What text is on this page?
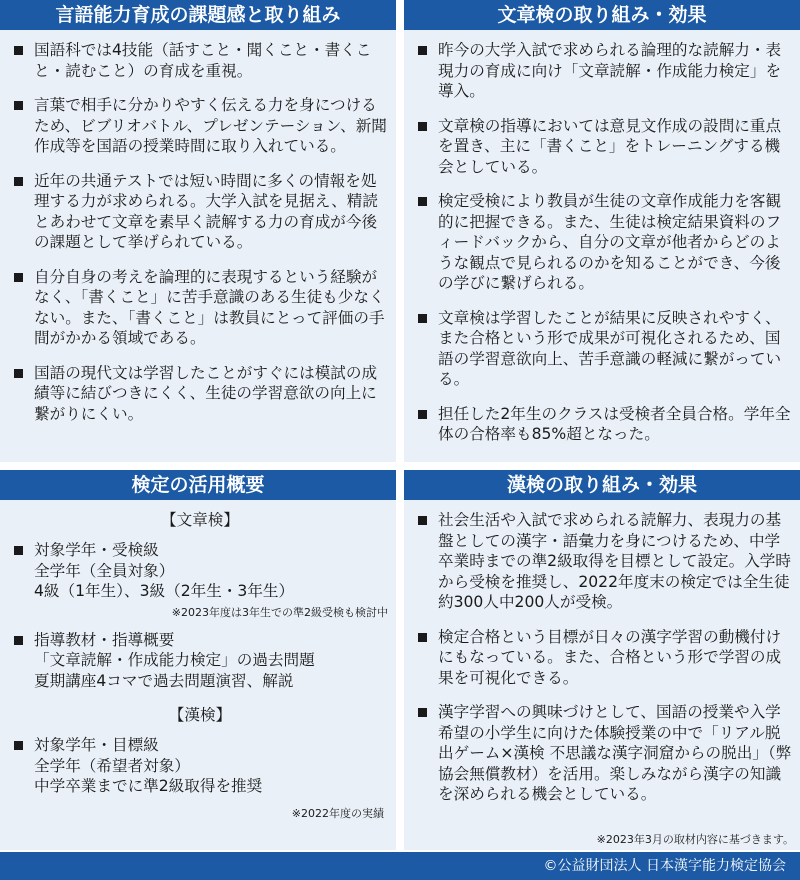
言語能力育成の課題感と取り組み
国語科では4技能（話すこと・聞くこと・書くこと・読むこと）の育成を重視。
言葉で相手に分かりやすく伝える力を身につけるため、ビブリオバトル、プレゼンテーション、新聞作成等を国語の授業時間に取り入れている。
近年の共通テストでは短い時間に多くの情報を処理する力が求められる。大学入試を見据え、精読とあわせて文章を素早く読解する力の育成が今後の課題として挙げられている。
自分自身の考えを論理的に表現するという経験がなく、「書くこと」に苦手意識のある生徒も少なくない。また、「書くこと」は教員にとって評価の手間がかかる領域である。
国語の現代文は学習したことがすぐには模試の成績等に結びつきにくく、生徒の学習意欲の向上に繋がりにくい。
文章検の取り組み・効果
昨今の大学入試で求められる論理的な読解力・表現力の育成に向け「文章読解・作成能力検定」を導入。
文章検の指導においては意見文作成の設問に重点を置き、主に「書くこと」をトレーニングする機会としている。
検定受検により教員が生徒の文章作成能力を客観的に把握できる。また、生徒は検定結果資料のフィードバックから、自分の文章が他者からどのような観点で見られるのかを知ることができ、今後の学びに繋げられる。
文章検は学習したことが結果に反映されやすく、また合格という形で成果が可視化されるため、国語の学習意欲向上、苦手意識の軽減に繋がっている。
担任した2年生のクラスは受検者全員合格。学年全体の合格率も85%超となった。
検定の活用概要
【文章検】
対象学年・受検級
全学年（全員対象）
4級（1年生）、3級（2年生・3年生）
※2023年度は3年生での準2級受検も検討中
指導教材・指導概要
「文章読解・作成能力検定」の過去問題
夏期講座4コマで過去問題演習、解説
【漢検】
対象学年・目標級
全学年（希望者対象）
中学卒業までに準2級取得を推奨
※2022年度の実績
漢検の取り組み・効果
社会生活や入試で求められる読解力、表現力の基盤としての漢字・語彙力を身につけるため、中学卒業時までの準2級取得を目標として設定。入学時から受検を推奨し、2022年度末の検定では全生徒約300人中200人が受検。
検定合格という目標が日々の漢字学習の動機付けにもなっている。また、合格という形で学習の成果を可視化できる。
漢字学習への興味づけとして、国語の授業や入学希望の小学生に向けた体験授業の中で「リアル脱出ゲーム×漢検 不思議な漢字洞窟からの脱出」（弊協会無償教材）を活用。楽しみながら漢字の知識を深められる機会としている。
※2023年3月の取材内容に基づきます。
©公益財団法人 日本漢字能力検定協会
